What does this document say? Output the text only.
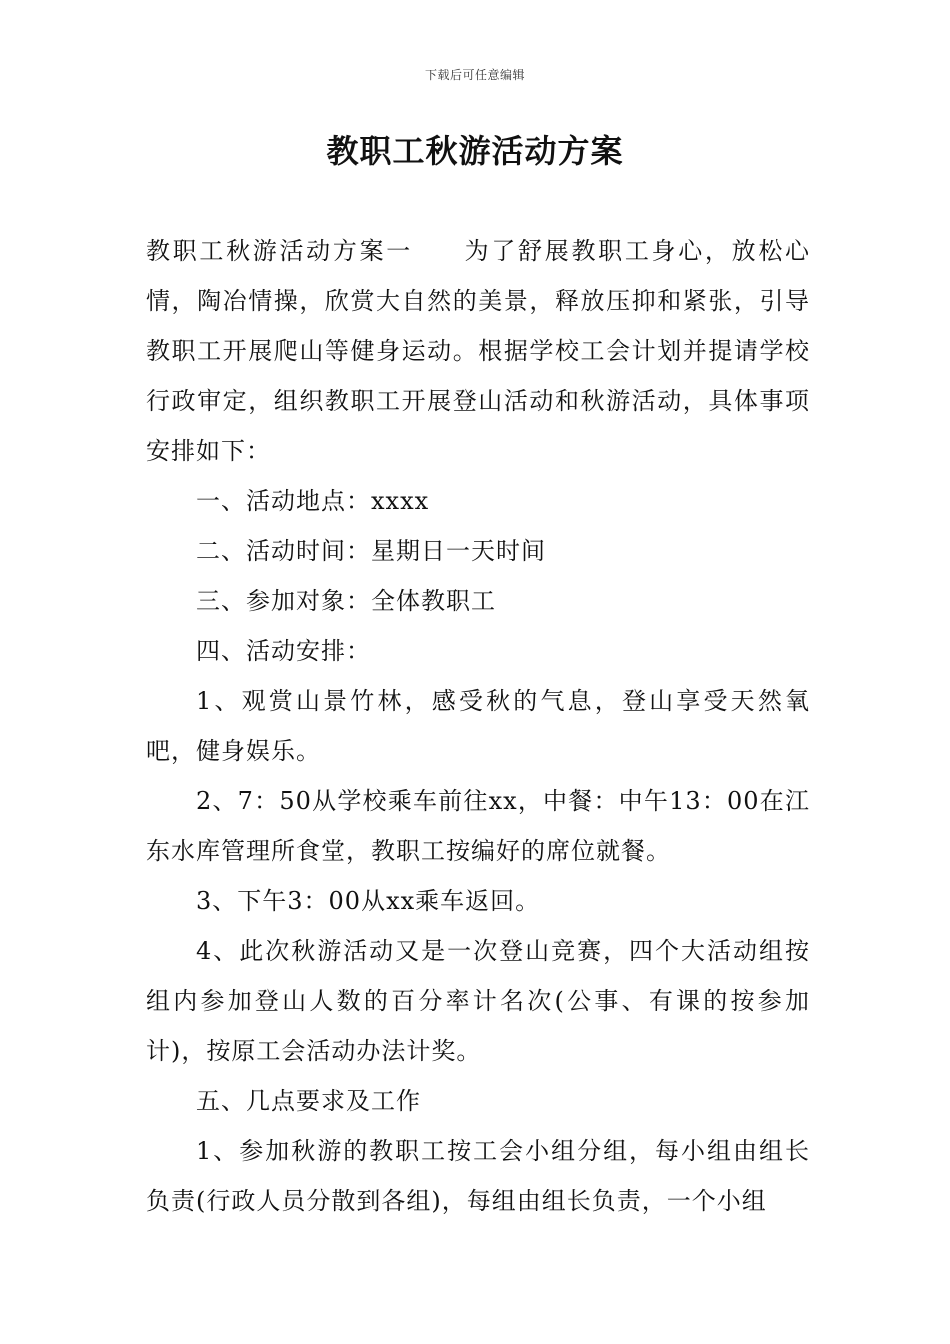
下载后可任意编辑
教职工秋游活动方案

教职工秋游活动方案一 为了舒展教职工身心，放松心情，陶冶情操，欣赏大自然的美景，释放压抑和紧张，引导教职工开展爬山等健身运动。根据学校工会计划并提请学校行政审定，组织教职工开展登山活动和秋游活动，具体事项安排如下：

一、活动地点：xxxx

二、活动时间：星期日一天时间

三、参加对象：全体教职工

四、活动安排：

1、观赏山景竹林，感受秋的气息，登山享受天然氧吧，健身娱乐。

2、7：50从学校乘车前往xx，中餐：中午13：00在江东水库管理所食堂，教职工按编好的席位就餐。

3、下午3：00从xx乘车返回。

4、此次秋游活动又是一次登山竞赛，四个大活动组按组内参加登山人数的百分率计名次(公事、有课的按参加计)，按原工会活动办法计奖。

五、几点要求及工作

1、参加秋游的教职工按工会小组分组，每小组由组长负责(行政人员分散到各组)，每组由组长负责，一个小组
